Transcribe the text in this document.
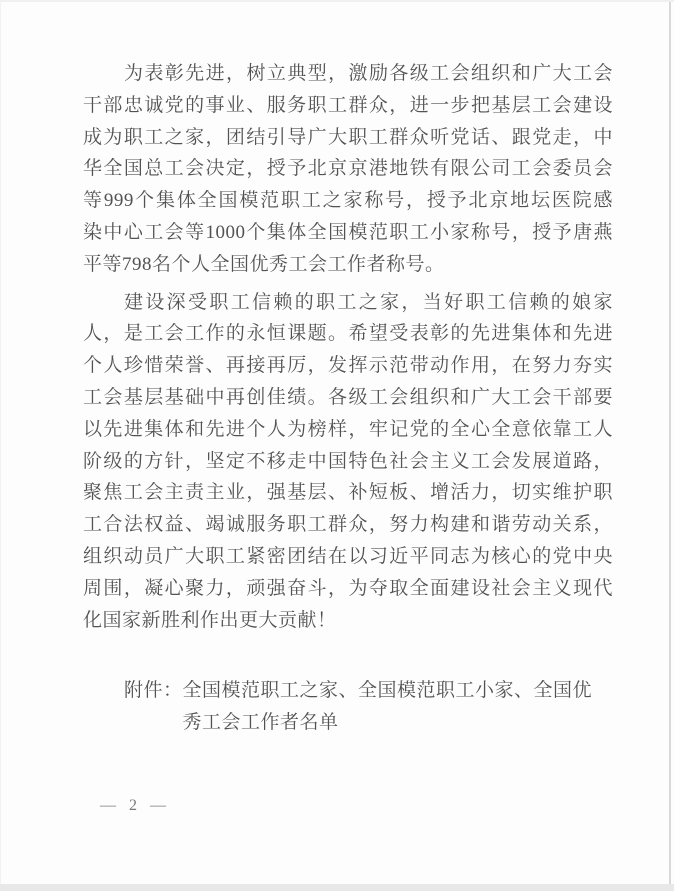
为表彰先进，树立典型，激励各级工会组织和广大工会
干部忠诚党的事业、服务职工群众，进一步把基层工会建设
成为职工之家，团结引导广大职工群众听党话、跟党走，中
华全国总工会决定，授予北京京港地铁有限公司工会委员会
等999个集体全国模范职工之家称号，授予北京地坛医院感
染中心工会等1000个集体全国模范职工小家称号，授予唐燕
平等798名个人全国优秀工会工作者称号。
建设深受职工信赖的职工之家，当好职工信赖的娘家
人，是工会工作的永恒课题。希望受表彰的先进集体和先进
个人珍惜荣誉、再接再厉，发挥示范带动作用，在努力夯实
工会基层基础中再创佳绩。各级工会组织和广大工会干部要
以先进集体和先进个人为榜样，牢记党的全心全意依靠工人
阶级的方针，坚定不移走中国特色社会主义工会发展道路，
聚焦工会主责主业，强基层、补短板、增活力，切实维护职
工合法权益、竭诚服务职工群众，努力构建和谐劳动关系，
组织动员广大职工紧密团结在以习近平同志为核心的党中央
周围，凝心聚力，顽强奋斗，为夺取全面建设社会主义现代
化国家新胜利作出更大贡献！
附件： 全国模范职工之家、全国模范职工小家、全国优
秀工会工作者名单
— 2 —
